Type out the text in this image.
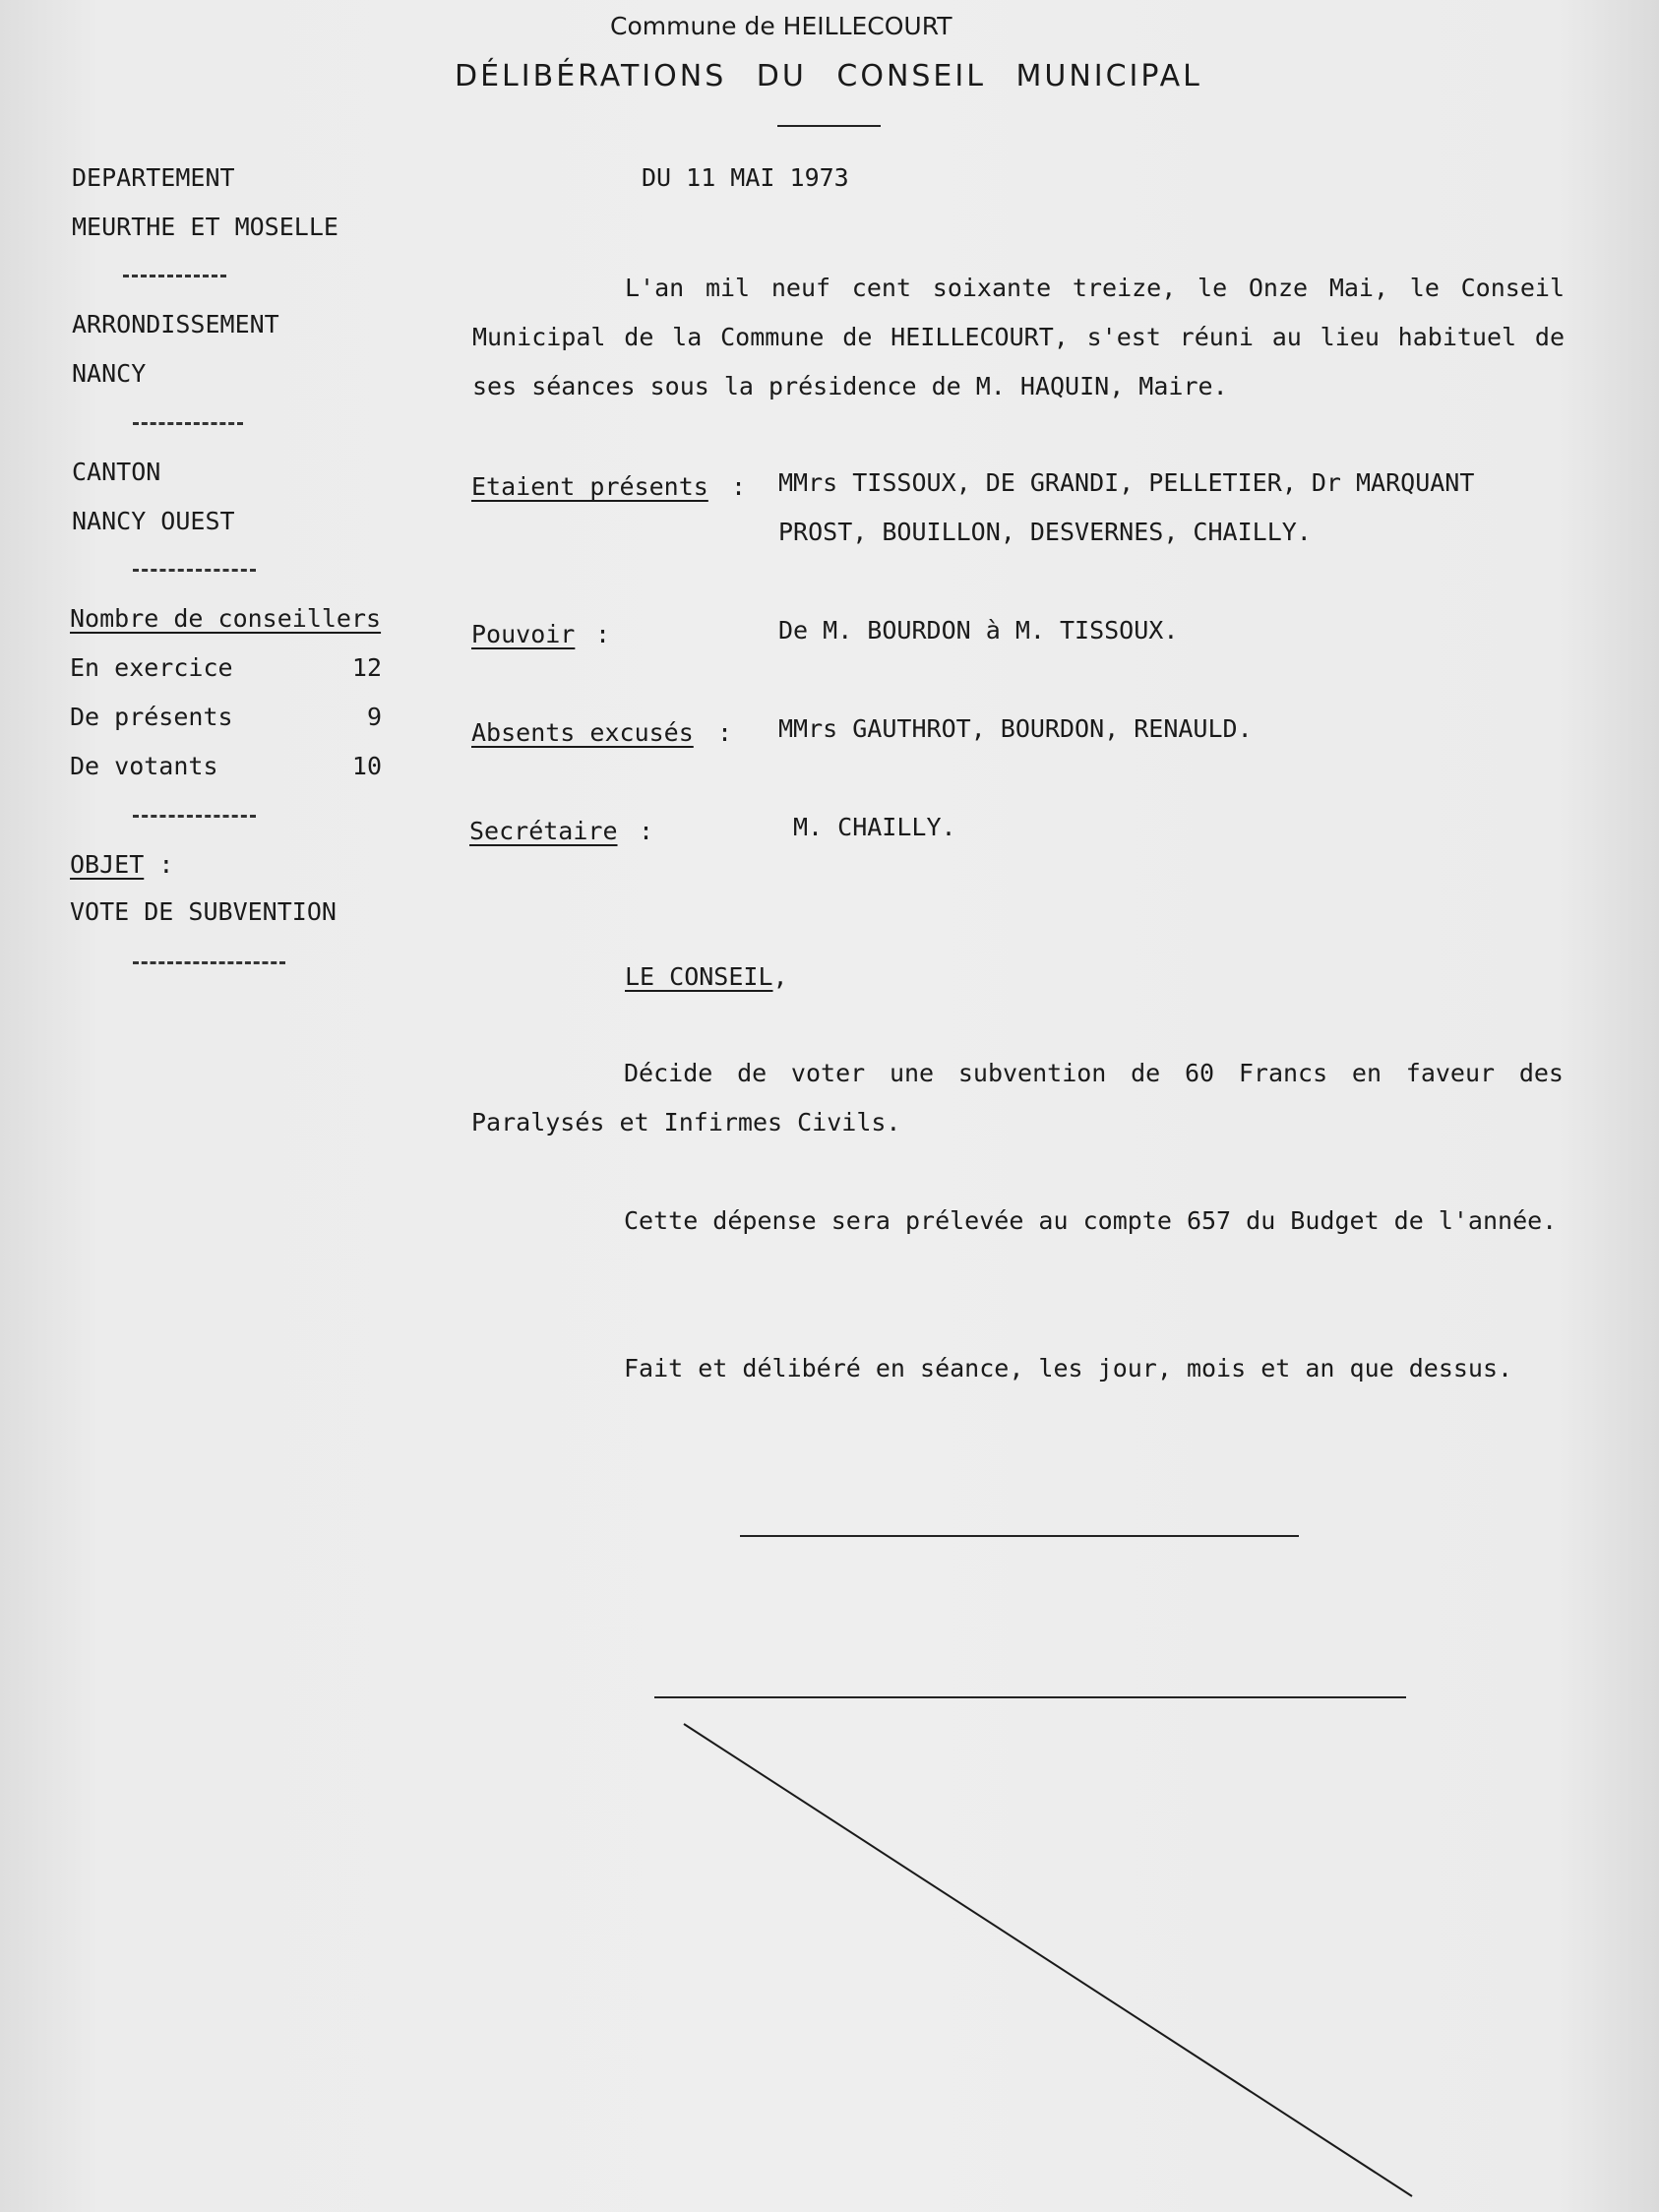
Commune de HEILLECOURT
DÉLIBÉRATIONS DU CONSEIL MUNICIPAL
DEPARTEMENT
MEURTHE ET MOSELLE
ARRONDISSEMENT
NANCY
CANTON
NANCY OUEST
Nombre de conseillers
En exercice	12
De présents	9
De votants	10
OBJET :
VOTE DE SUBVENTION
DU 11 MAI 1973
L'an mil neuf cent soixante treize, le Onze Mai, le Conseil Municipal de la Commune de HEILLECOURT, s'est réuni au lieu habituel de ses séances sous la présidence de M. HAQUIN, Maire.
Etaient présents : MMrs TISSOUX, DE GRANDI, PELLETIER, Dr MARQUANT
PROST, BOUILLON, DESVERNES, CHAILLY.
Pouvoir :	De M. BOURDON à M. TISSOUX.
Absents excusés : MMrs GAUTHROT, BOURDON, RENAULD.
Secrétaire :	M. CHAILLY.
LE CONSEIL,
Décide de voter une subvention de 60 Francs en faveur des Paralysés et Infirmes Civils.
Cette dépense sera prélevée au compte 657 du Budget de l'année.
Fait et délibéré en séance, les jour, mois et an que dessus.
